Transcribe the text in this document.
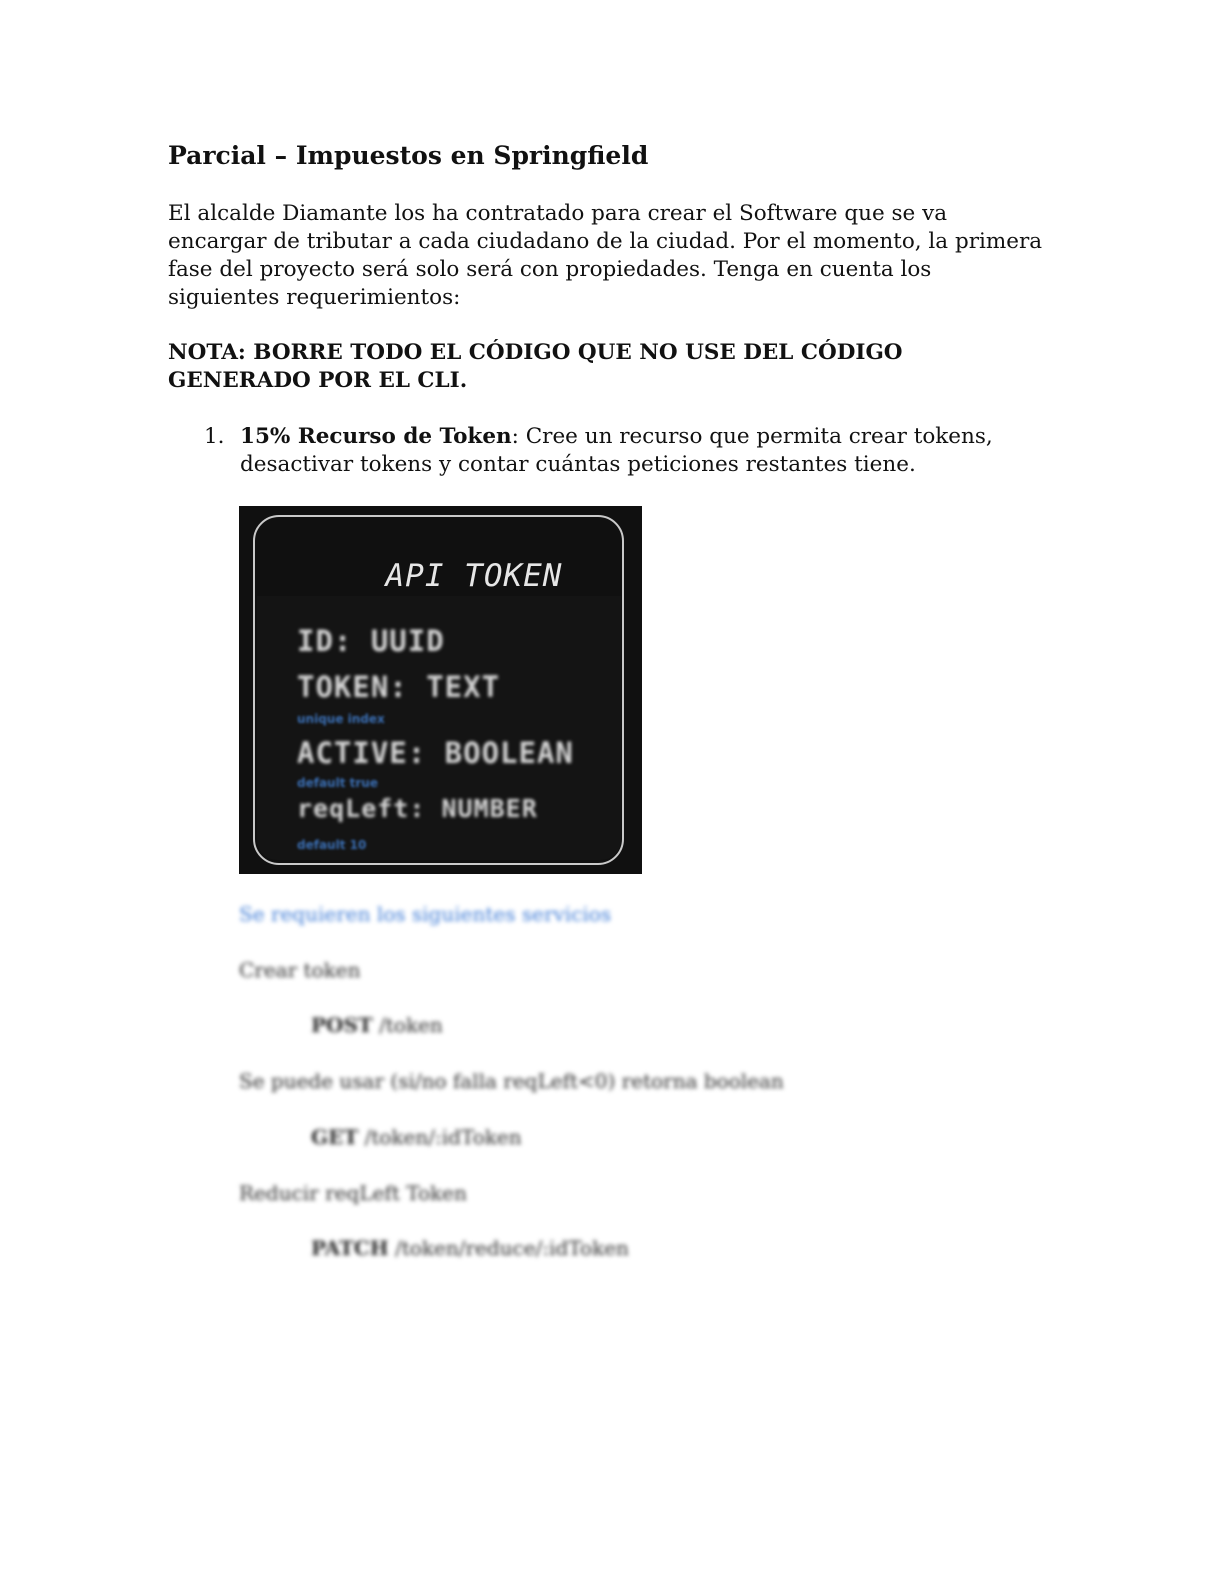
Parcial – Impuestos en Springfield

El alcalde Diamante los ha contratado para crear el Software que se va encargar de tributar a cada ciudadano de la ciudad. Por el momento, la primera fase del proyecto será solo será con propiedades. Tenga en cuenta los siguientes requerimientos:

NOTA: BORRE TODO EL CÓDIGO QUE NO USE DEL CÓDIGO GENERADO POR EL CLI.

1. 15% Recurso de Token: Cree un recurso que permita crear tokens, desactivar tokens y contar cuántas peticiones restantes tiene.
API TOKEN
ID: UUID
TOKEN: TEXT
unique index
ACTIVE: BOOLEAN
default true
reqLeft: NUMBER
default 10
Se requieren los siguientes servicios
Crear token
POST /token
Se puede usar (si/no falla reqLeft<0) retorna boolean
GET /token/:idToken
Reducir reqLeft Token
PATCH /token/reduce/:idToken
